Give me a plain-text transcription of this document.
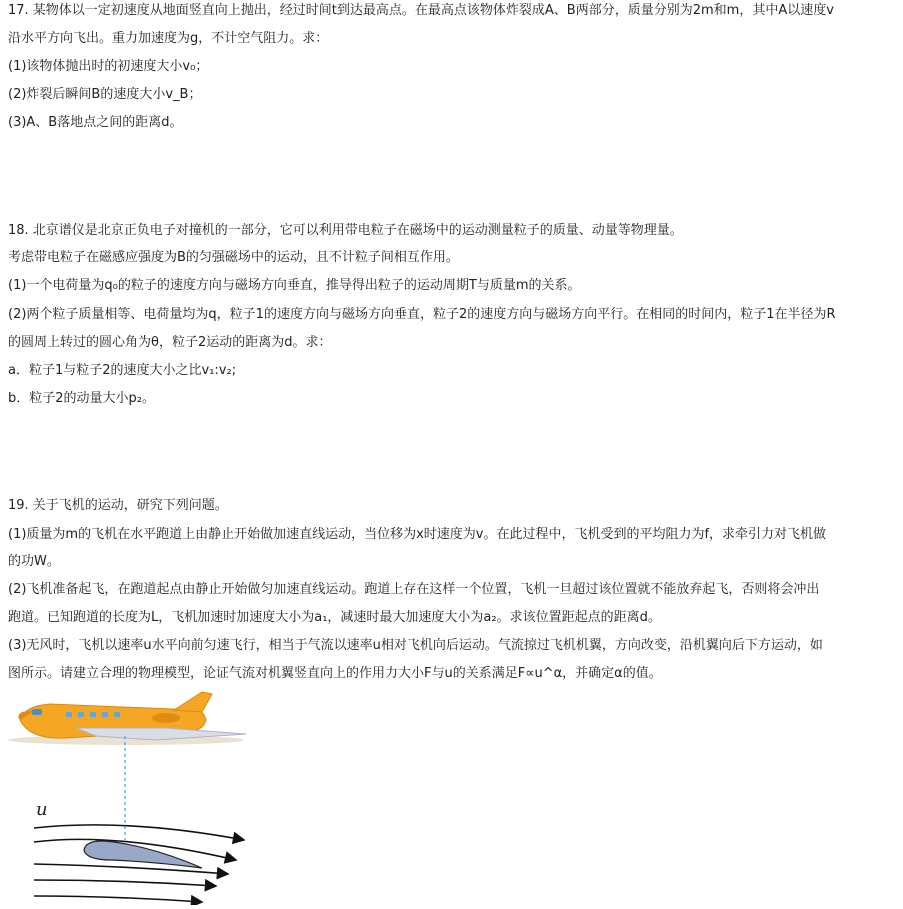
17. 某物体以一定初速度从地面竖直向上抛出，经过时间t到达最高点。在最高点该物体炸裂成A、B两部分，质量分别为2m和m，其中A以速度v
沿水平方向飞出。重力加速度为g，不计空气阻力。求：
(1)该物体抛出时的初速度大小v₀；
(2)炸裂后瞬间B的速度大小v_B；
(3)A、B落地点之间的距离d。
18. 北京谱仪是北京正负电子对撞机的一部分，它可以利用带电粒子在磁场中的运动测量粒子的质量、动量等物理量。
考虑带电粒子在磁感应强度为B的匀强磁场中的运动，且不计粒子间相互作用。
(1)一个电荷量为q₀的粒子的速度方向与磁场方向垂直，推导得出粒子的运动周期T与质量m的关系。
(2)两个粒子质量相等、电荷量均为q，粒子1的速度方向与磁场方向垂直，粒子2的速度方向与磁场方向平行。在相同的时间内，粒子1在半径为R
的圆周上转过的圆心角为θ，粒子2运动的距离为d。求：
a．粒子1与粒子2的速度大小之比v₁:v₂;
b．粒子2的动量大小p₂。
19. 关于飞机的运动，研究下列问题。
(1)质量为m的飞机在水平跑道上由静止开始做加速直线运动，当位移为x时速度为v。在此过程中，飞机受到的平均阻力为f，求牵引力对飞机做
的功W。
(2)飞机准备起飞，在跑道起点由静止开始做匀加速直线运动。跑道上存在这样一个位置，飞机一旦超过该位置就不能放弃起飞，否则将会冲出
跑道。已知跑道的长度为L，飞机加速时加速度大小为a₁，减速时最大加速度大小为a₂。求该位置距起点的距离d。
(3)无风时，飞机以速率u水平向前匀速飞行，相当于气流以速率u相对飞机向后运动。气流掠过飞机机翼，方向改变，沿机翼向后下方运动，如
图所示。请建立合理的物理模型，论证气流对机翼竖直向上的作用力大小F与u的关系满足F∝u^α，并确定α的值。
u
